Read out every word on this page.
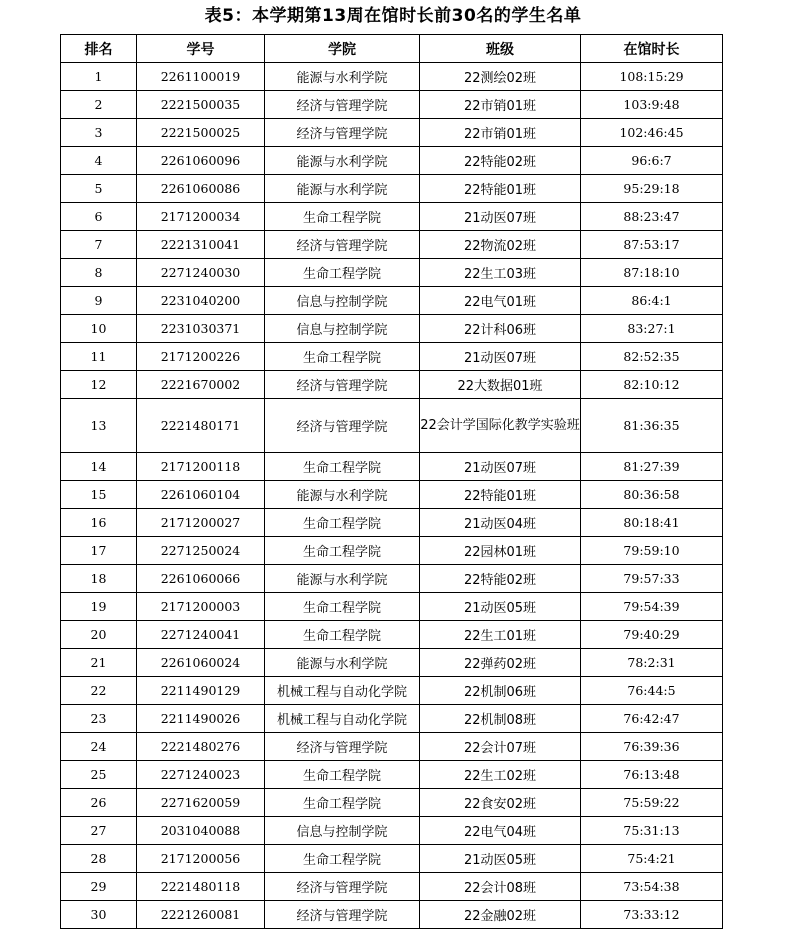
表5：本学期第13周在馆时长前30名的学生名单
排名	学号	学院	班级	在馆时长
1	2261100019	能源与水利学院	22测绘02班	108:15:29
2	2221500035	经济与管理学院	22市销01班	103:9:48
3	2221500025	经济与管理学院	22市销01班	102:46:45
4	2261060096	能源与水利学院	22特能02班	96:6:7
5	2261060086	能源与水利学院	22特能01班	95:29:18
6	2171200034	生命工程学院	21动医07班	88:23:47
7	2221310041	经济与管理学院	22物流02班	87:53:17
8	2271240030	生命工程学院	22生工03班	87:18:10
9	2231040200	信息与控制学院	22电气01班	86:4:1
10	2231030371	信息与控制学院	22计科06班	83:27:1
11	2171200226	生命工程学院	21动医07班	82:52:35
12	2221670002	经济与管理学院	22大数据01班	82:10:12
13	2221480171	经济与管理学院	22会计学国际化教学实验班	81:36:35
14	2171200118	生命工程学院	21动医07班	81:27:39
15	2261060104	能源与水利学院	22特能01班	80:36:58
16	2171200027	生命工程学院	21动医04班	80:18:41
17	2271250024	生命工程学院	22园林01班	79:59:10
18	2261060066	能源与水利学院	22特能02班	79:57:33
19	2171200003	生命工程学院	21动医05班	79:54:39
20	2271240041	生命工程学院	22生工01班	79:40:29
21	2261060024	能源与水利学院	22弹药02班	78:2:31
22	2211490129	机械工程与自动化学院	22机制06班	76:44:5
23	2211490026	机械工程与自动化学院	22机制08班	76:42:47
24	2221480276	经济与管理学院	22会计07班	76:39:36
25	2271240023	生命工程学院	22生工02班	76:13:48
26	2271620059	生命工程学院	22食安02班	75:59:22
27	2031040088	信息与控制学院	22电气04班	75:31:13
28	2171200056	生命工程学院	21动医05班	75:4:21
29	2221480118	经济与管理学院	22会计08班	73:54:38
30	2221260081	经济与管理学院	22金融02班	73:33:12
